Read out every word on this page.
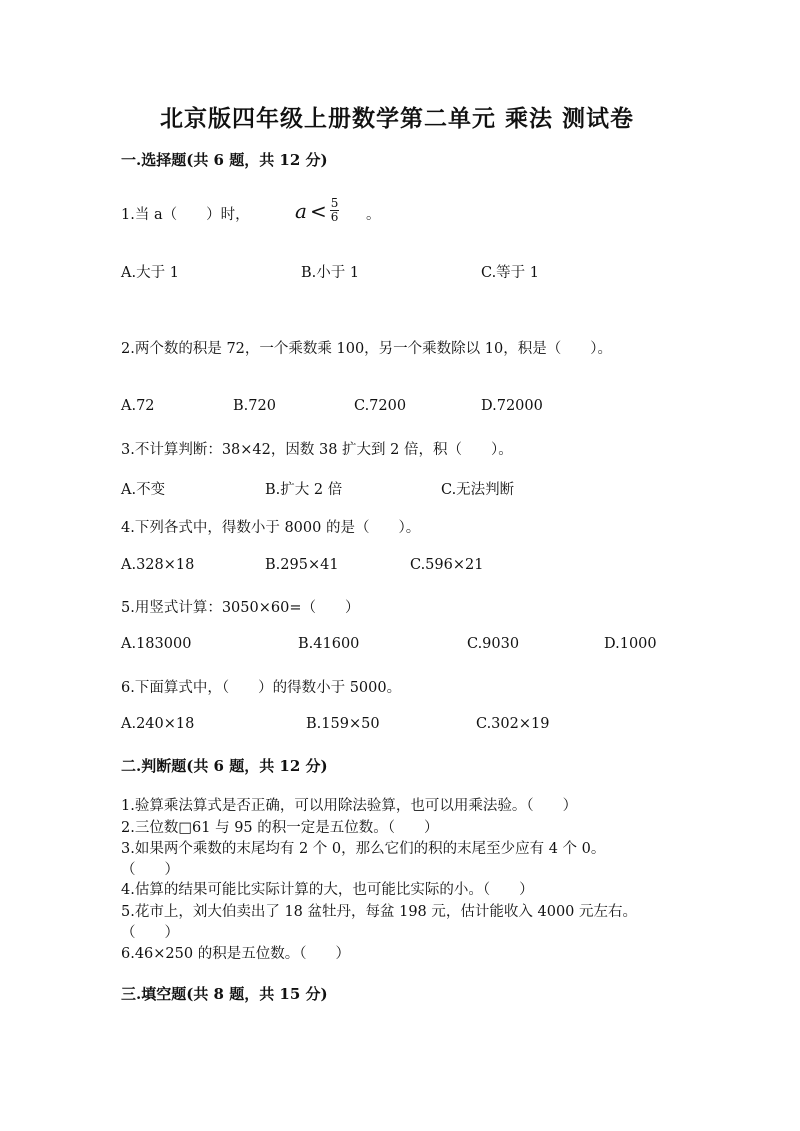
北京版四年级上册数学第二单元 乘法 测试卷
一.选择题(共 6 题，共 12 分)
1.当 a（　　）时， $a < \frac{5}{6}$ 。
A.大于 1	B.小于 1	C.等于 1
2.两个数的积是 72，一个乘数乘 100，另一个乘数除以 10，积是（　　）。
A.72	B.720	C.7200	D.72000
3.不计算判断：38×42，因数 38 扩大到 2 倍，积（　　）。
A.不变	B.扩大 2 倍	C.无法判断
4.下列各式中，得数小于 8000 的是（　　）。
A.328×18	B.295×41	C.596×21
5.用竖式计算：3050×60=（　　）
A.183000	B.41600	C.9030	D.1000
6.下面算式中，（　　）的得数小于 5000。
A.240×18	B.159×50	C.302×19
二.判断题(共 6 题，共 12 分)
1.验算乘法算式是否正确，可以用除法验算，也可以用乘法验。（　　）
2.三位数□61 与 95 的积一定是五位数。（　　）
3.如果两个乘数的末尾均有 2 个 0，那么它们的积的末尾至少应有 4 个 0。
（　　）
4.估算的结果可能比实际计算的大，也可能比实际的小。（　　）
5.花市上，刘大伯卖出了 18 盆牡丹，每盆 198 元，估计能收入 4000 元左右。
（　　）
6.46×250 的积是五位数。（　　）
三.填空题(共 8 题，共 15 分)
